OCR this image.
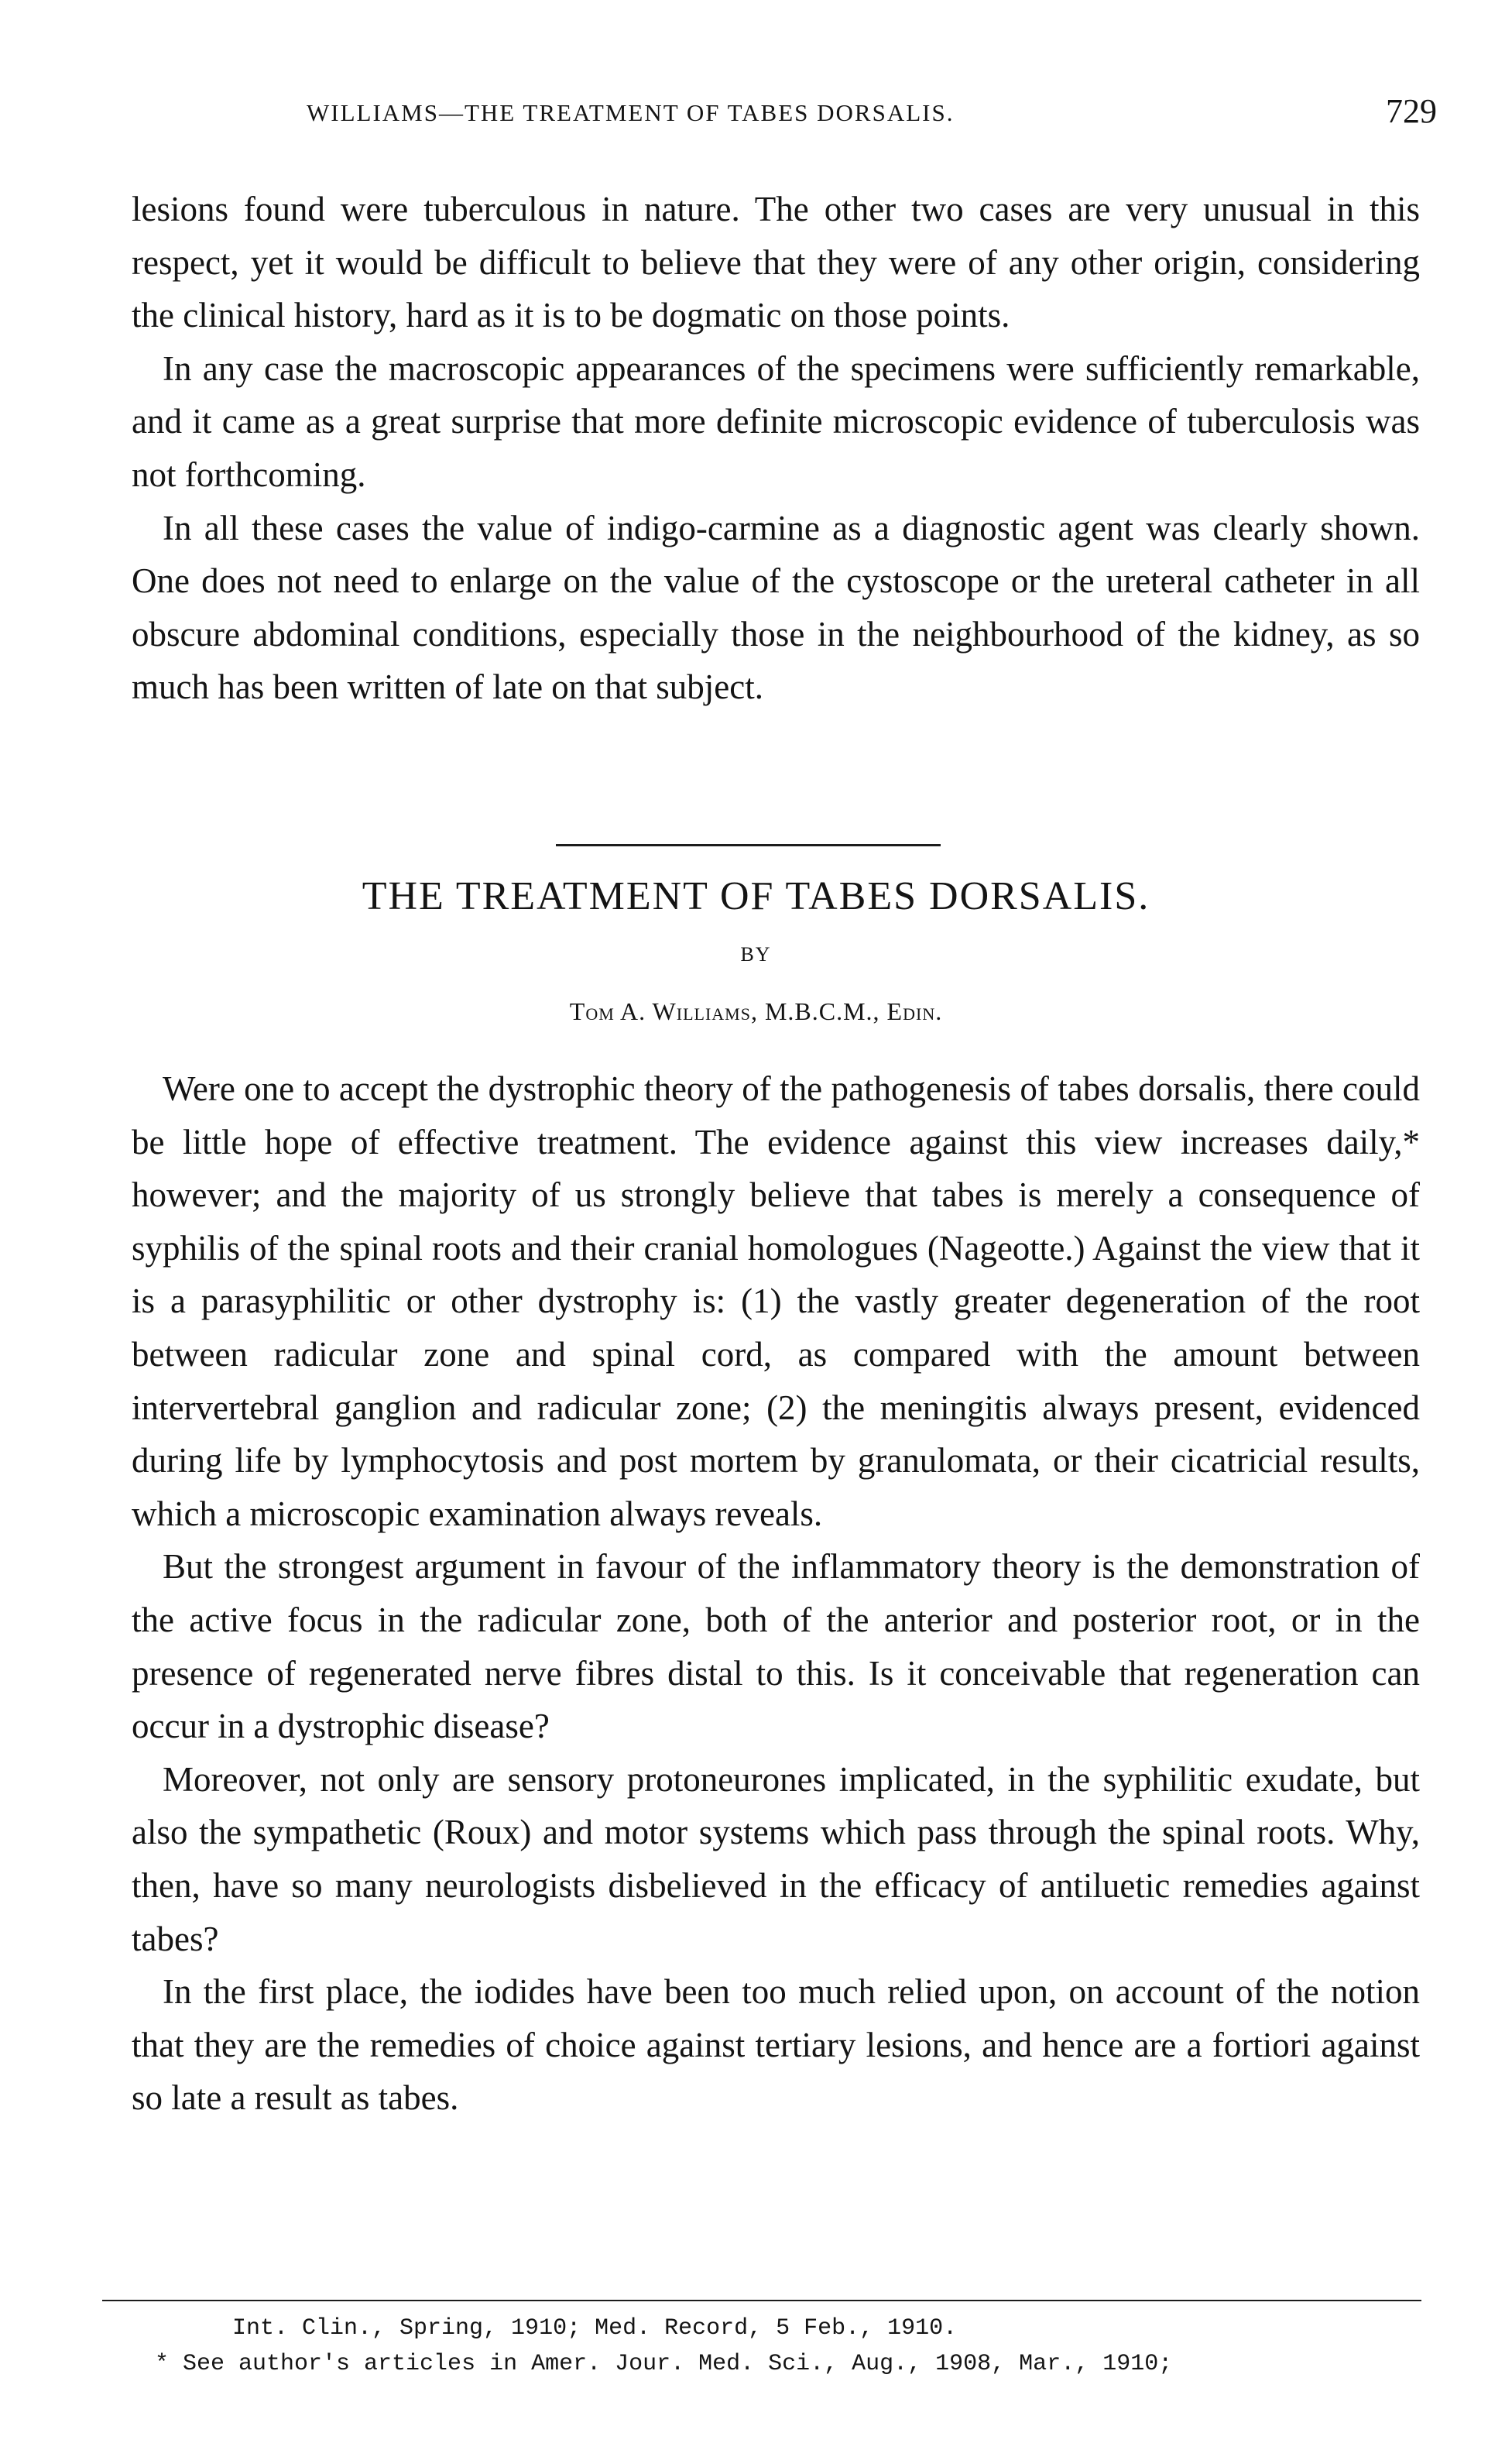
WILLIAMS—THE TREATMENT OF TABES DORSALIS.	729

lesions found were tuberculous in nature. The other two cases are very unusual in this respect, yet it would be difficult to believe that they were of any other origin, considering the clinical history, hard as it is to be dogmatic on those points.

In any case the macroscopic appearances of the specimens were sufficiently remarkable, and it came as a great surprise that more definite microscopic evidence of tuberculosis was not forthcoming.

In all these cases the value of indigo-carmine as a diagnostic agent was clearly shown. One does not need to enlarge on the value of the cystoscope or the ureteral catheter in all obscure abdominal conditions, especially those in the neighbourhood of the kidney, as so much has been written of late on that subject.

THE TREATMENT OF TABES DORSALIS.
BY
Tom A. Williams, M.B.C.M., Edin.

Were one to accept the dystrophic theory of the pathogenesis of tabes dorsalis, there could be little hope of effective treatment. The evidence against this view increases daily,* however; and the majority of us strongly believe that tabes is merely a consequence of syphilis of the spinal roots and their cranial homologues (Nageotte.) Against the view that it is a parasyphilitic or other dystrophy is: (1) the vastly greater degeneration of the root between radicular zone and spinal cord, as compared with the amount between intervertebral ganglion and radicular zone; (2) the meningitis always present, evidenced during life by lymphocytosis and post mortem by granulomata, or their cicatricial results, which a microscopic examination always reveals.

But the strongest argument in favour of the inflammatory theory is the demonstration of the active focus in the radicular zone, both of the anterior and posterior root, or in the presence of regenerated nerve fibres distal to this. Is it conceivable that regeneration can occur in a dystrophic disease?

Moreover, not only are sensory protoneurones implicated, in the syphilitic exudate, but also the sympathetic (Roux) and motor systems which pass through the spinal roots. Why, then, have so many neurologists disbelieved in the efficacy of antiluetic remedies against tabes?

In the first place, the iodides have been too much relied upon, on account of the notion that they are the remedies of choice against tertiary lesions, and hence are a fortiori against so late a result as tabes.

Int. Clin., Spring, 1910; Med. Record, 5 Feb., 1910.

* See author's articles in Amer. Jour. Med. Sci., Aug., 1908, Mar., 1910;
